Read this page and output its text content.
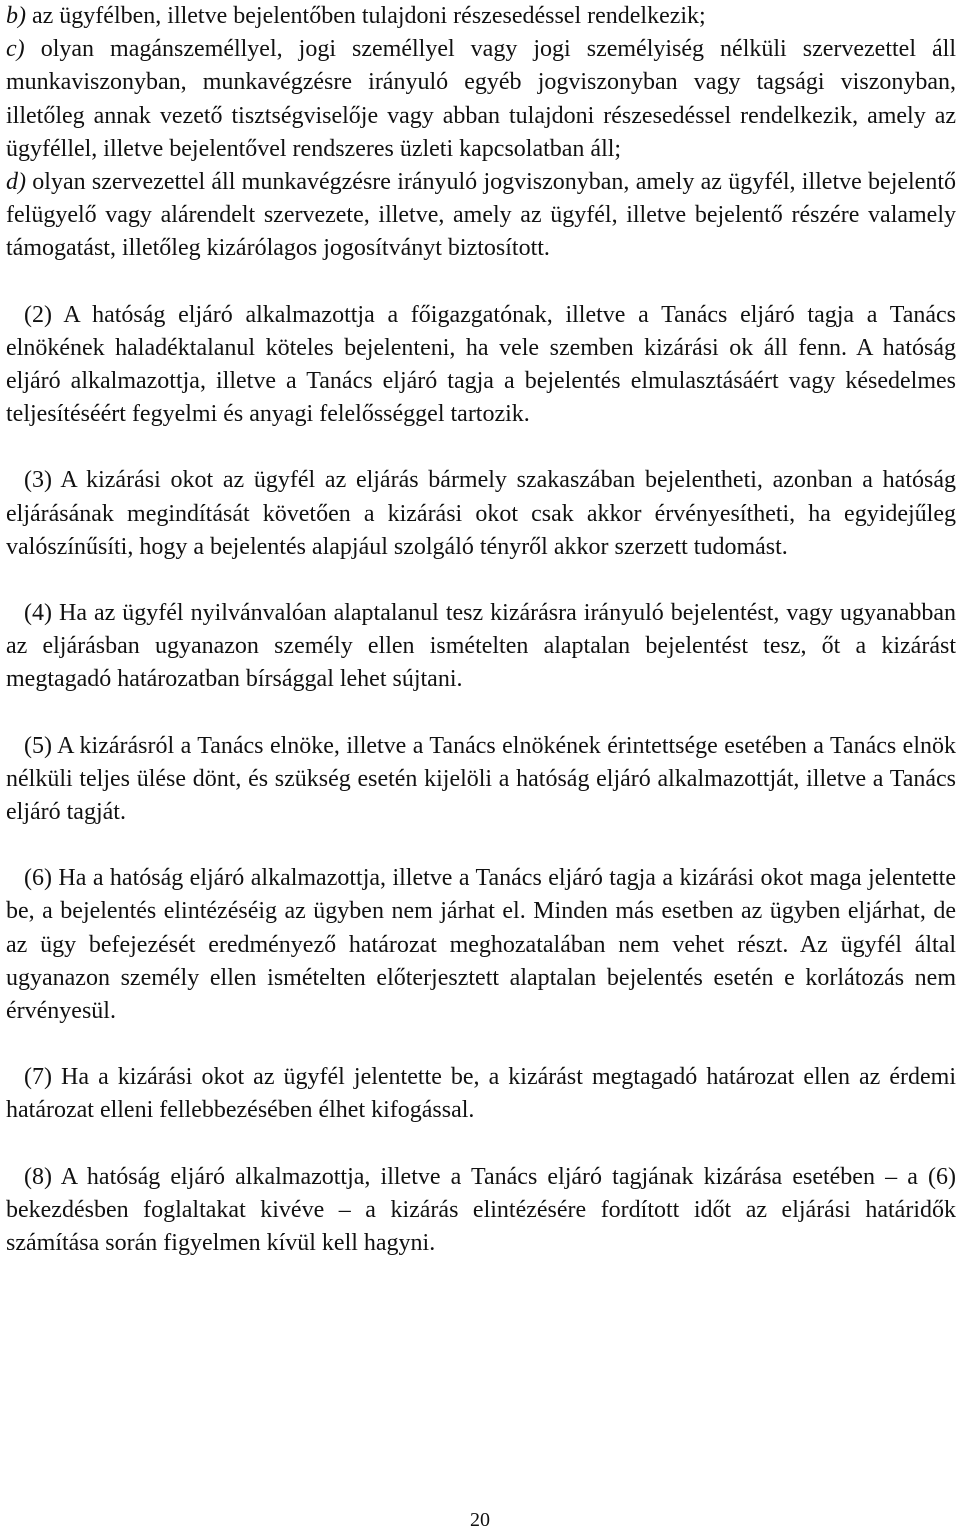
b) az ügyfélben, illetve bejelentőben tulajdoni részesedéssel rendelkezik;

c) olyan magánszeméllyel, jogi személlyel vagy jogi személyiség nélküli szervezettel áll munkaviszonyban, munkavégzésre irányuló egyéb jogviszonyban vagy tagsági viszonyban, illetőleg annak vezető tisztségviselője vagy abban tulajdoni részesedéssel rendelkezik, amely az ügyféllel, illetve bejelentővel rendszeres üzleti kapcsolatban áll;

d) olyan szervezettel áll munkavégzésre irányuló jogviszonyban, amely az ügyfél, illetve bejelentő felügyelő vagy alárendelt szervezete, illetve, amely az ügyfél, illetve bejelentő részére valamely támogatást, illetőleg kizárólagos jogosítványt biztosított.

(2) A hatóság eljáró alkalmazottja a főigazgatónak, illetve a Tanács eljáró tagja a Tanács elnökének haladéktalanul köteles bejelenteni, ha vele szemben kizárási ok áll fenn. A hatóság eljáró alkalmazottja, illetve a Tanács eljáró tagja a bejelentés elmulasztásáért vagy késedelmes teljesítéséért fegyelmi és anyagi felelősséggel tartozik.

(3) A kizárási okot az ügyfél az eljárás bármely szakaszában bejelentheti, azonban a hatóság eljárásának megindítását követően a kizárási okot csak akkor érvényesítheti, ha egyidejűleg valószínűsíti, hogy a bejelentés alapjául szolgáló tényről akkor szerzett tudomást.

(4) Ha az ügyfél nyilvánvalóan alaptalanul tesz kizárásra irányuló bejelentést, vagy ugyanabban az eljárásban ugyanazon személy ellen ismételten alaptalan bejelentést tesz, őt a kizárást megtagadó határozatban bírsággal lehet sújtani.

(5) A kizárásról a Tanács elnöke, illetve a Tanács elnökének érintettsége esetében a Tanács elnök nélküli teljes ülése dönt, és szükség esetén kijelöli a hatóság eljáró alkalmazottját, illetve a Tanács eljáró tagját.

(6) Ha a hatóság eljáró alkalmazottja, illetve a Tanács eljáró tagja a kizárási okot maga jelentette be, a bejelentés elintézéséig az ügyben nem járhat el. Minden más esetben az ügyben eljárhat, de az ügy befejezését eredményező határozat meghozatalában nem vehet részt. Az ügyfél által ugyanazon személy ellen ismételten előterjesztett alaptalan bejelentés esetén e korlátozás nem érvényesül.

(7) Ha a kizárási okot az ügyfél jelentette be, a kizárást megtagadó határozat ellen az érdemi határozat elleni fellebbezésében élhet kifogással.

(8) A hatóság eljáró alkalmazottja, illetve a Tanács eljáró tagjának kizárása esetében – a (6) bekezdésben foglaltakat kivéve – a kizárás elintézésére fordított időt az eljárási határidők számítása során figyelmen kívül kell hagyni.

20
